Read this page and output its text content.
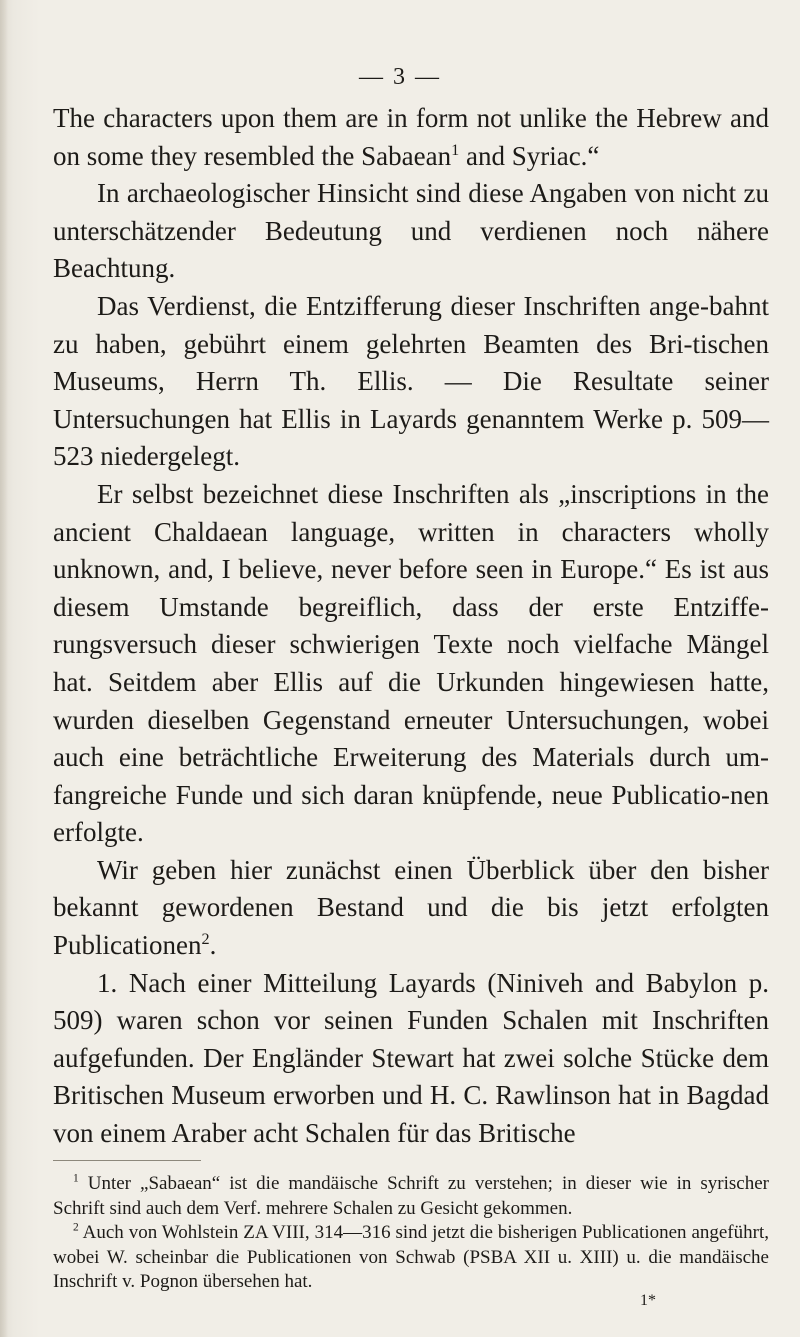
— 3 —

The characters upon them are in form not unlike the Hebrew and on some they resembled the Sabaean$^1$ and Syriac.“

In archaeologischer Hinsicht sind diese Angaben von nicht zu unterschätzender Bedeutung und verdienen noch nähere Beachtung.

Das Verdienst, die Entzifferung dieser Inschriften ange-bahnt zu haben, gebührt einem gelehrten Beamten des Bri-tischen Museums, Herrn Th. Ellis. — Die Resultate seiner Untersuchungen hat Ellis in Layards genanntem Werke p. 509—523 niedergelegt.

Er selbst bezeichnet diese Inschriften als „inscriptions in the ancient Chaldaean language, written in characters wholly unknown, and, I believe, never before seen in Europe.“ Es ist aus diesem Umstande begreiflich, dass der erste Entziffe-rungsversuch dieser schwierigen Texte noch vielfache Mängel hat. Seitdem aber Ellis auf die Urkunden hingewiesen hatte, wurden dieselben Gegenstand erneuter Untersuchungen, wobei auch eine beträchtliche Erweiterung des Materials durch um-fangreiche Funde und sich daran knüpfende, neue Publicatio-nen erfolgte.

Wir geben hier zunächst einen Überblick über den bisher bekannt gewordenen Bestand und die bis jetzt erfolgten Publicationen$^2$.

1. Nach einer Mitteilung Layards (Niniveh and Babylon p. 509) waren schon vor seinen Funden Schalen mit Inschriften aufgefunden. Der Engländer Stewart hat zwei solche Stücke dem Britischen Museum erworben und H. C. Rawlinson hat in Bagdad von einem Araber acht Schalen für das Britische

$^1$ Unter „Sabaean“ ist die mandäische Schrift zu verstehen; in dieser wie in syrischer Schrift sind auch dem Verf. mehrere Schalen zu Gesicht gekommen.

$^2$ Auch von Wohlstein ZA VIII, 314—316 sind jetzt die bisherigen Publicationen angeführt, wobei W. scheinbar die Publicationen von Schwab (PSBA XII u. XIII) u. die mandäische Inschrift v. Pognon übersehen hat.

1*
